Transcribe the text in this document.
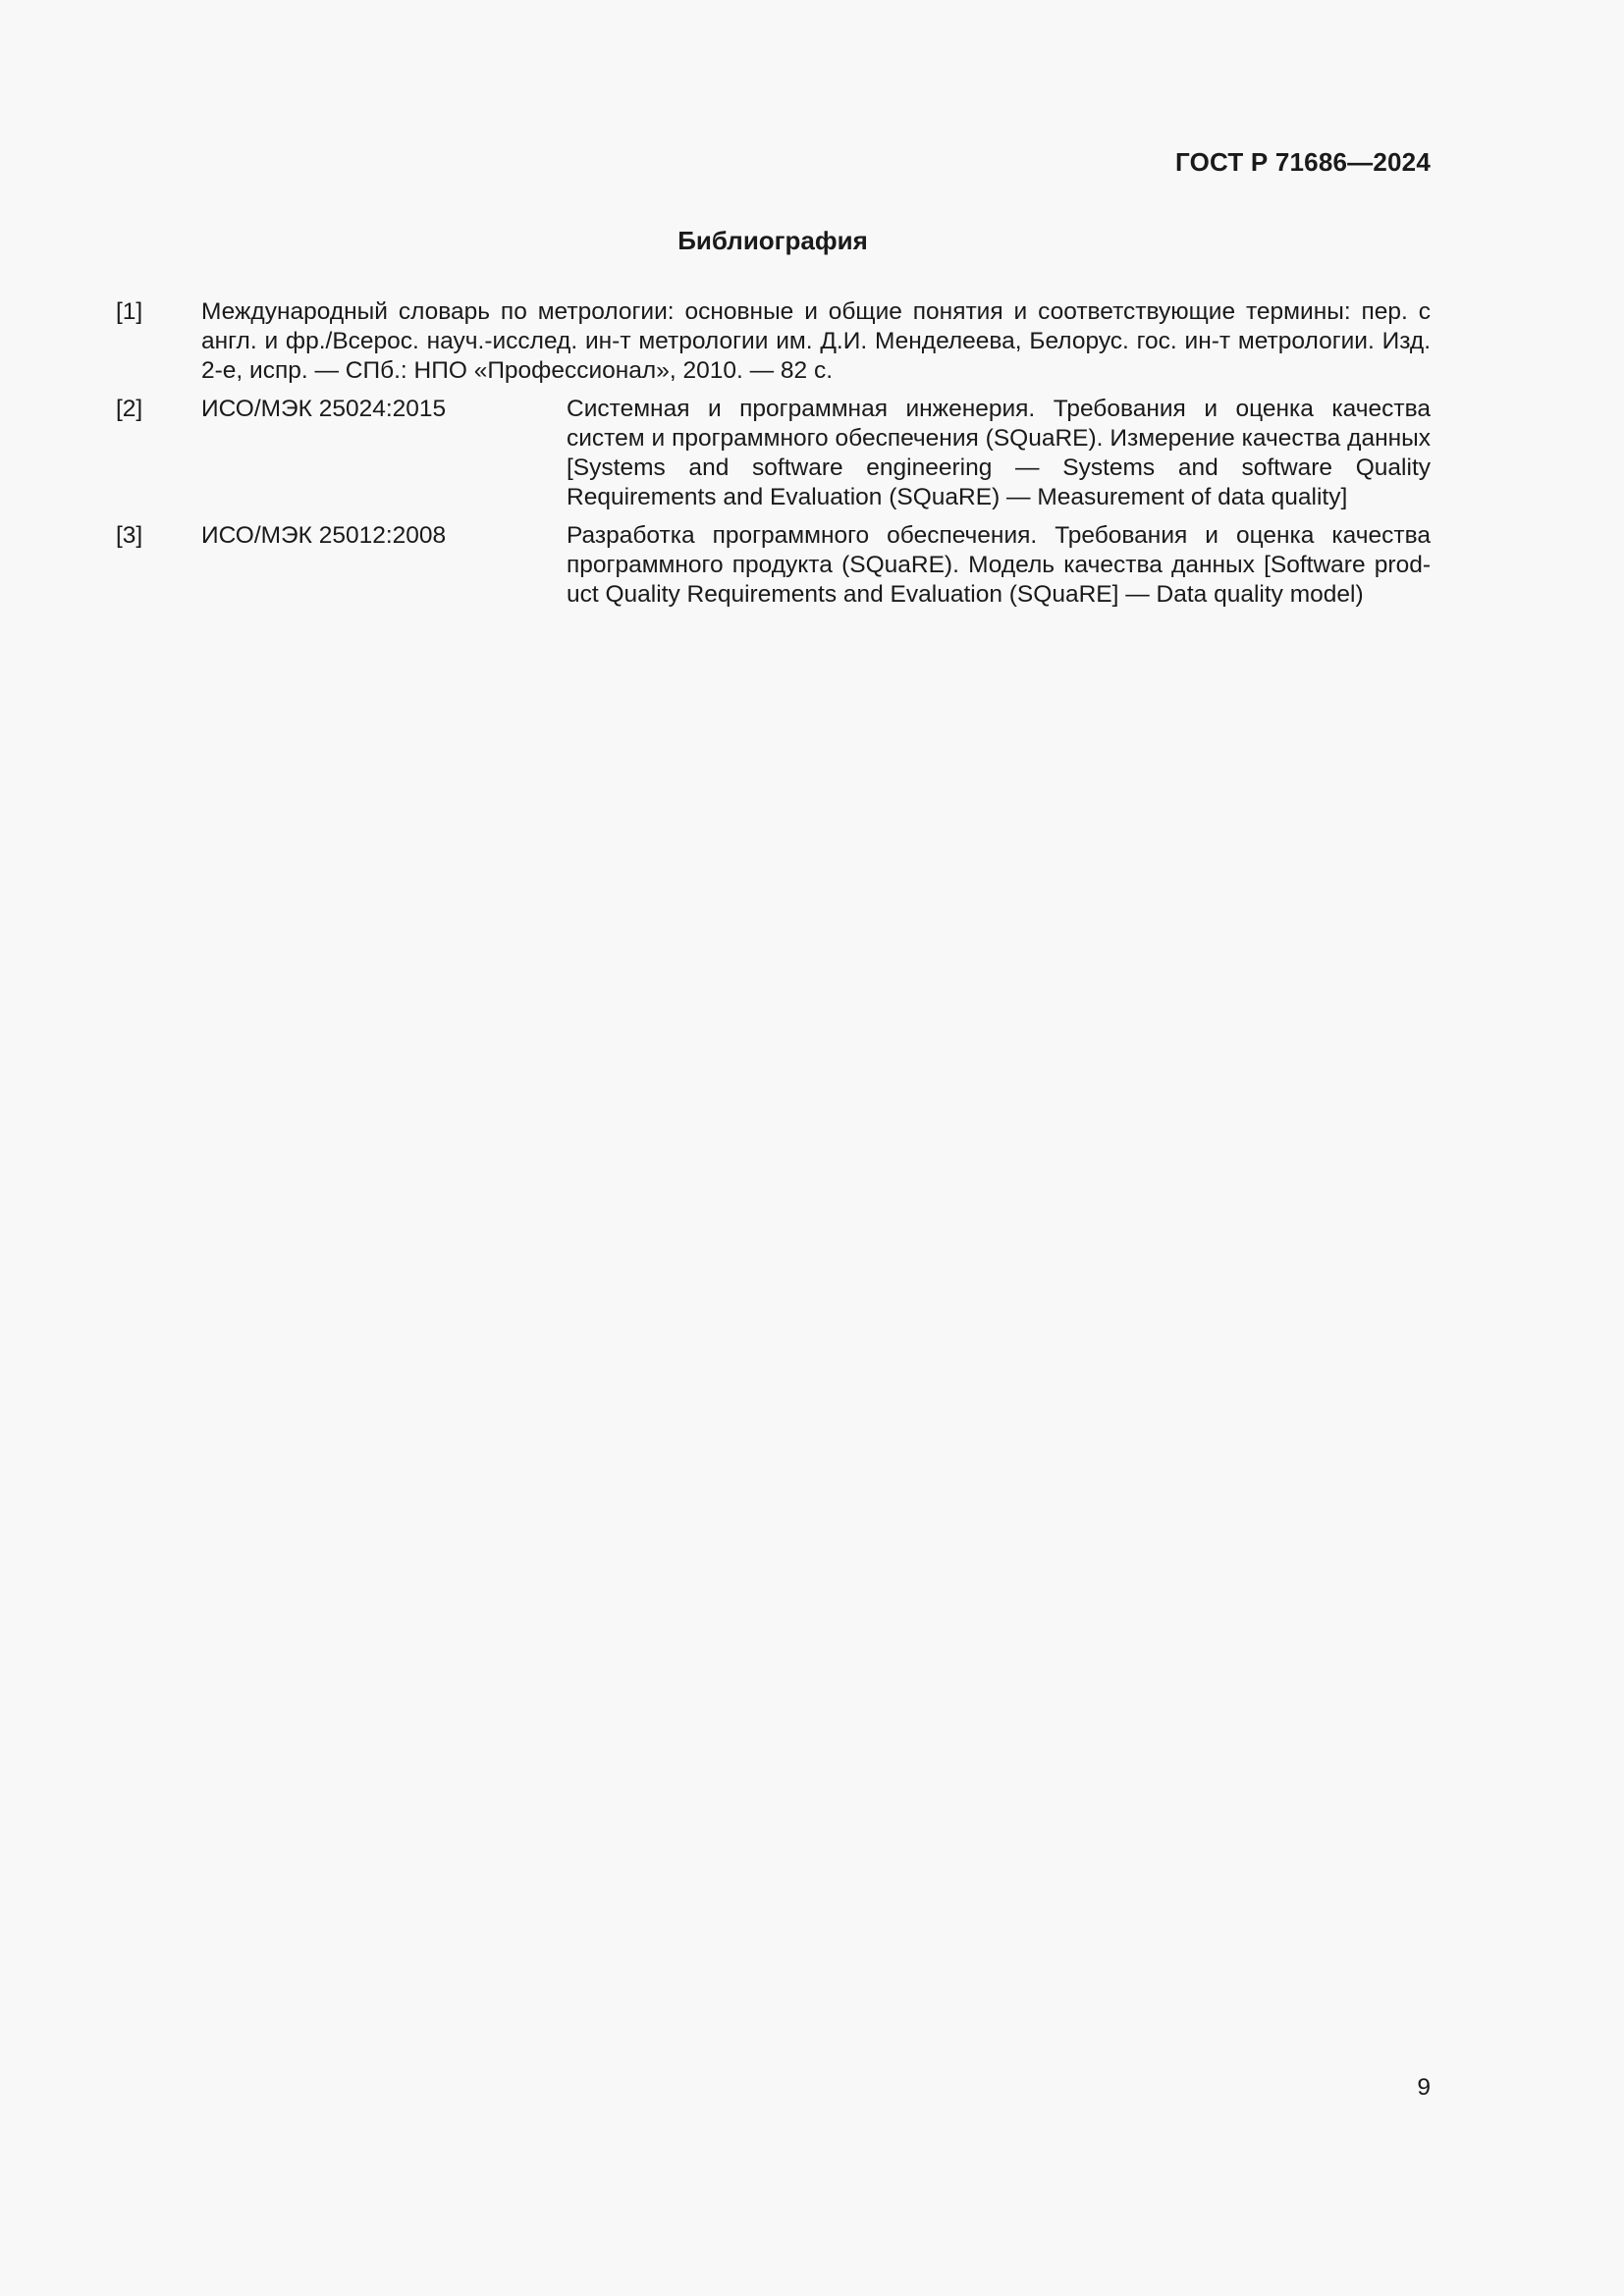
ГОСТ Р 71686—2024
Библиография
[1] Международный словарь по метрологии: основные и общие понятия и соответствующие термины: пер. с англ. и фр./Всерос. науч.-исслед. ин-т метрологии им. Д.И. Менделеева, Белорус. гос. ин-т метрологии. Изд. 2-е, испр. — СПб.: НПО «Профессионал», 2010. — 82 с.
[2] ИСО/МЭК 25024:2015	Системная и программная инженерия. Требования и оценка качества систем и программного обеспечения (SQuaRE). Измерение качества данных [Systems and software engineering — Systems and software Quality Requirements and Evaluation (SQuaRE) — Measurement of data quality]
[3] ИСО/МЭК 25012:2008	Разработка программного обеспечения. Требования и оценка качества программного продукта (SQuaRE). Модель качества данных [Software product Quality Requirements and Evaluation (SQuaRE] — Data quality model)
9
